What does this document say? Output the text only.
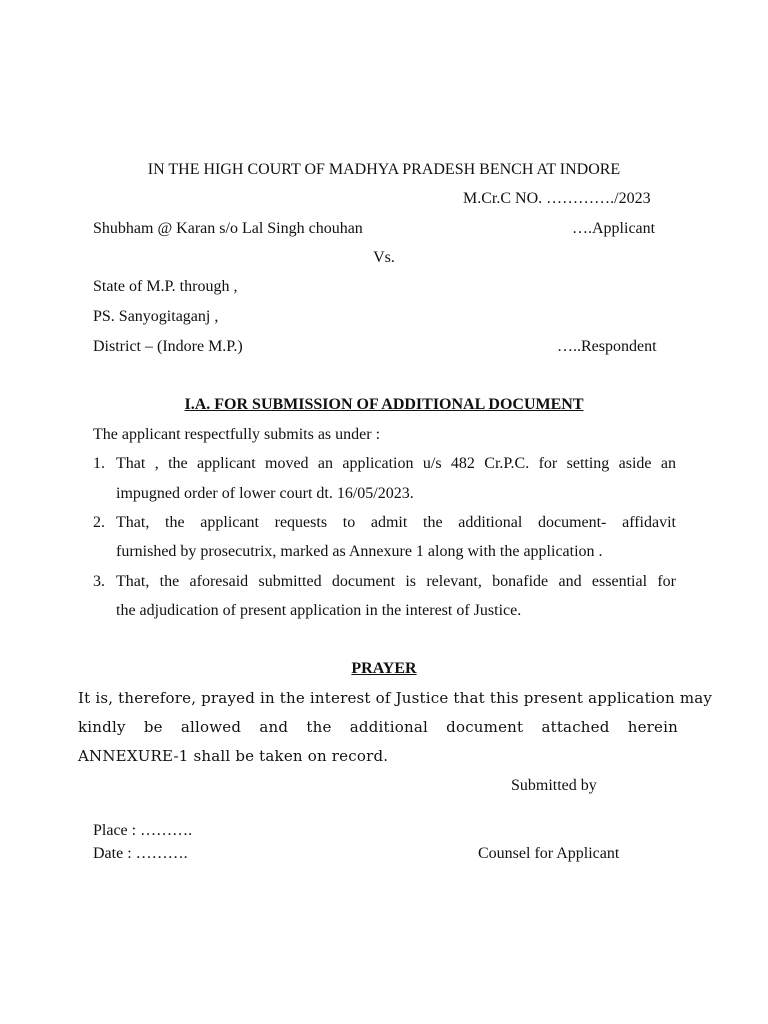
IN THE HIGH COURT OF MADHYA PRADESH BENCH AT INDORE
M.Cr.C NO. …………./2023
Shubham @ Karan s/o Lal Singh chouhan	….Applicant
Vs.
State of M.P. through ,
PS. Sanyogitaganj ,
District – (Indore M.P.)	…..Respondent
I.A. FOR SUBMISSION OF ADDITIONAL DOCUMENT
The applicant respectfully submits as under :
1. That , the applicant moved an application u/s 482 Cr.P.C. for setting aside an
impugned order of lower court dt. 16/05/2023.
2. That, the applicant requests to admit the additional document- affidavit
furnished by prosecutrix, marked as Annexure 1 along with the application .
3. That, the aforesaid submitted document is relevant, bonafide and essential for
the adjudication of present application in the interest of Justice.
PRAYER
It is, therefore, prayed in the interest of Justice that this present application may
kindly be allowed and the additional document attached herein
ANNEXURE-1 shall be taken on record.
Submitted by
Place : ……….
Date : ……….	Counsel for Applicant
